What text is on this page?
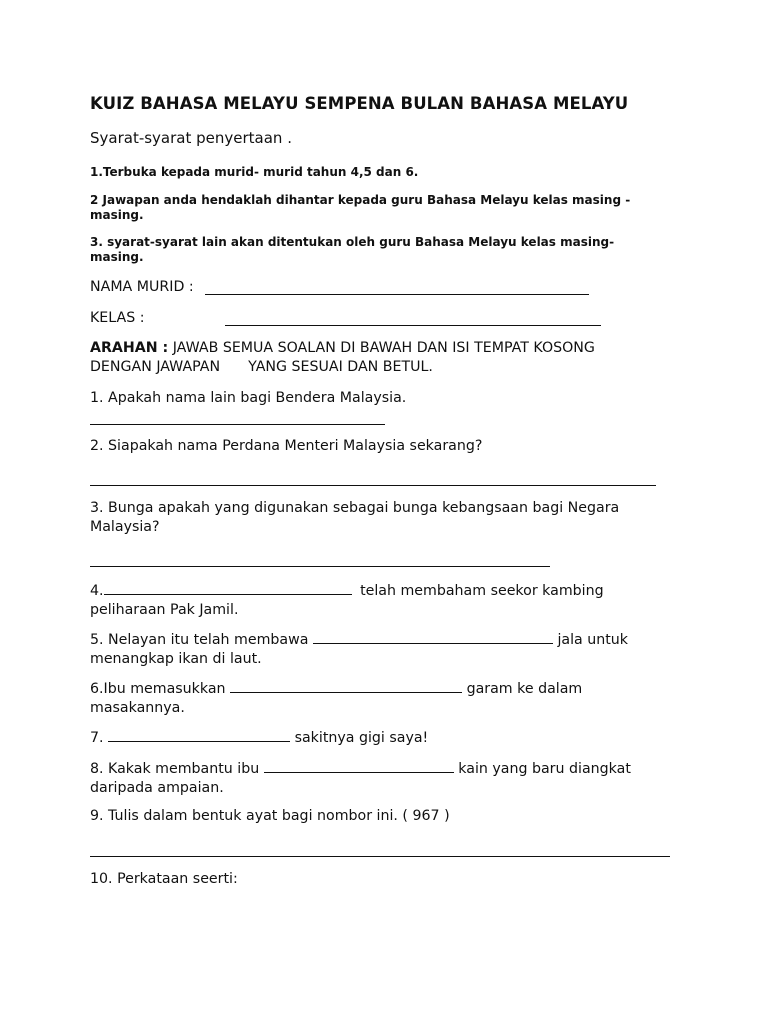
KUIZ BAHASA MELAYU SEMPENA BULAN BAHASA MELAYU
Syarat-syarat penyertaan .
1.Terbuka kepada murid- murid tahun 4,5 dan 6.
2 Jawapan anda hendaklah dihantar kepada guru Bahasa Melayu kelas masing - masing.
3. syarat-syarat lain akan ditentukan oleh guru Bahasa Melayu kelas masing-masing.
NAMA MURID :
KELAS :
ARAHAN : JAWAB SEMUA SOALAN DI BAWAH DAN ISI TEMPAT KOSONG
DENGAN JAWAPAN YANG SESUAI DAN BETUL.
1. Apakah nama lain bagi Bendera Malaysia.
2. Siapakah nama Perdana Menteri Malaysia sekarang?
3. Bunga apakah yang digunakan sebagai bunga kebangsaan bagi Negara Malaysia?
4.	telah membaham seekor kambing
peliharaan Pak Jamil.
5. Nelayan itu telah membawa	jala untuk
menangkap ikan di laut.
6.Ibu memasukkan	garam ke dalam
masakannya.
7.	sakitnya gigi saya!
8. Kakak membantu ibu	kain yang baru diangkat
daripada ampaian.
9. Tulis dalam bentuk ayat bagi nombor ini. ( 967 )
10. Perkataan seerti:
